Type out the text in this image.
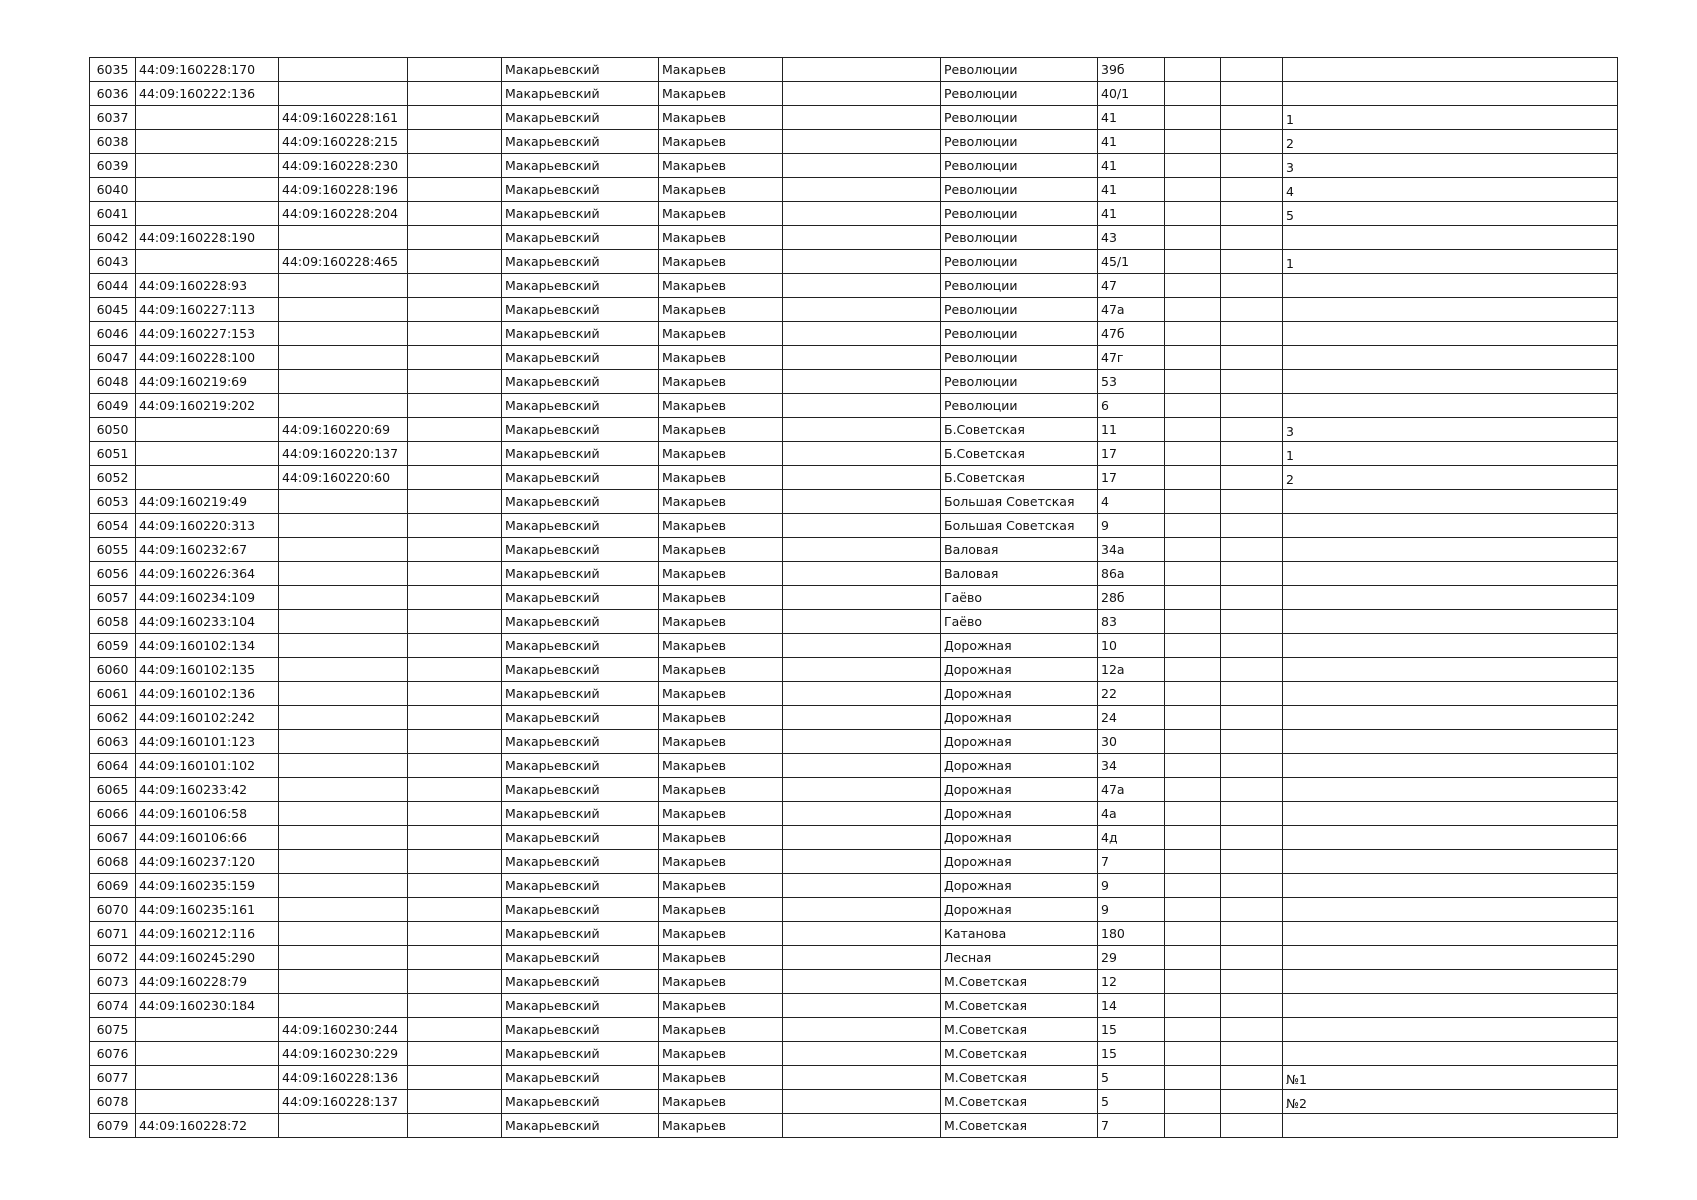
6035	44:09:160228:170			Макарьевский	Макарьев		Революции	39б			
6036	44:09:160222:136			Макарьевский	Макарьев		Революции	40/1			
6037		44:09:160228:161		Макарьевский	Макарьев		Революции	41			1
6038		44:09:160228:215		Макарьевский	Макарьев		Революции	41			2
6039		44:09:160228:230		Макарьевский	Макарьев		Революции	41			3
6040		44:09:160228:196		Макарьевский	Макарьев		Революции	41			4
6041		44:09:160228:204		Макарьевский	Макарьев		Революции	41			5
6042	44:09:160228:190			Макарьевский	Макарьев		Революции	43			
6043		44:09:160228:465		Макарьевский	Макарьев		Революции	45/1			1
6044	44:09:160228:93			Макарьевский	Макарьев		Революции	47			
6045	44:09:160227:113			Макарьевский	Макарьев		Революции	47а			
6046	44:09:160227:153			Макарьевский	Макарьев		Революции	47б			
6047	44:09:160228:100			Макарьевский	Макарьев		Революции	47г			
6048	44:09:160219:69			Макарьевский	Макарьев		Революции	53			
6049	44:09:160219:202			Макарьевский	Макарьев		Революции	6			
6050		44:09:160220:69		Макарьевский	Макарьев		Б.Советская	11			3
6051		44:09:160220:137		Макарьевский	Макарьев		Б.Советская	17			1
6052		44:09:160220:60		Макарьевский	Макарьев		Б.Советская	17			2
6053	44:09:160219:49			Макарьевский	Макарьев		Большая Советская	4			
6054	44:09:160220:313			Макарьевский	Макарьев		Большая Советская	9			
6055	44:09:160232:67			Макарьевский	Макарьев		Валовая	34а			
6056	44:09:160226:364			Макарьевский	Макарьев		Валовая	86а			
6057	44:09:160234:109			Макарьевский	Макарьев		Гаёво	28б			
6058	44:09:160233:104			Макарьевский	Макарьев		Гаёво	83			
6059	44:09:160102:134			Макарьевский	Макарьев		Дорожная	10			
6060	44:09:160102:135			Макарьевский	Макарьев		Дорожная	12а			
6061	44:09:160102:136			Макарьевский	Макарьев		Дорожная	22			
6062	44:09:160102:242			Макарьевский	Макарьев		Дорожная	24			
6063	44:09:160101:123			Макарьевский	Макарьев		Дорожная	30			
6064	44:09:160101:102			Макарьевский	Макарьев		Дорожная	34			
6065	44:09:160233:42			Макарьевский	Макарьев		Дорожная	47а			
6066	44:09:160106:58			Макарьевский	Макарьев		Дорожная	4а			
6067	44:09:160106:66			Макарьевский	Макарьев		Дорожная	4д			
6068	44:09:160237:120			Макарьевский	Макарьев		Дорожная	7			
6069	44:09:160235:159			Макарьевский	Макарьев		Дорожная	9			
6070	44:09:160235:161			Макарьевский	Макарьев		Дорожная	9			
6071	44:09:160212:116			Макарьевский	Макарьев		Катанова	180			
6072	44:09:160245:290			Макарьевский	Макарьев		Лесная	29			
6073	44:09:160228:79			Макарьевский	Макарьев		М.Советская	12			
6074	44:09:160230:184			Макарьевский	Макарьев		М.Советская	14			
6075		44:09:160230:244		Макарьевский	Макарьев		М.Советская	15			
6076		44:09:160230:229		Макарьевский	Макарьев		М.Советская	15			
6077		44:09:160228:136		Макарьевский	Макарьев		М.Советская	5			№1
6078		44:09:160228:137		Макарьевский	Макарьев		М.Советская	5			№2
6079	44:09:160228:72			Макарьевский	Макарьев		М.Советская	7			
